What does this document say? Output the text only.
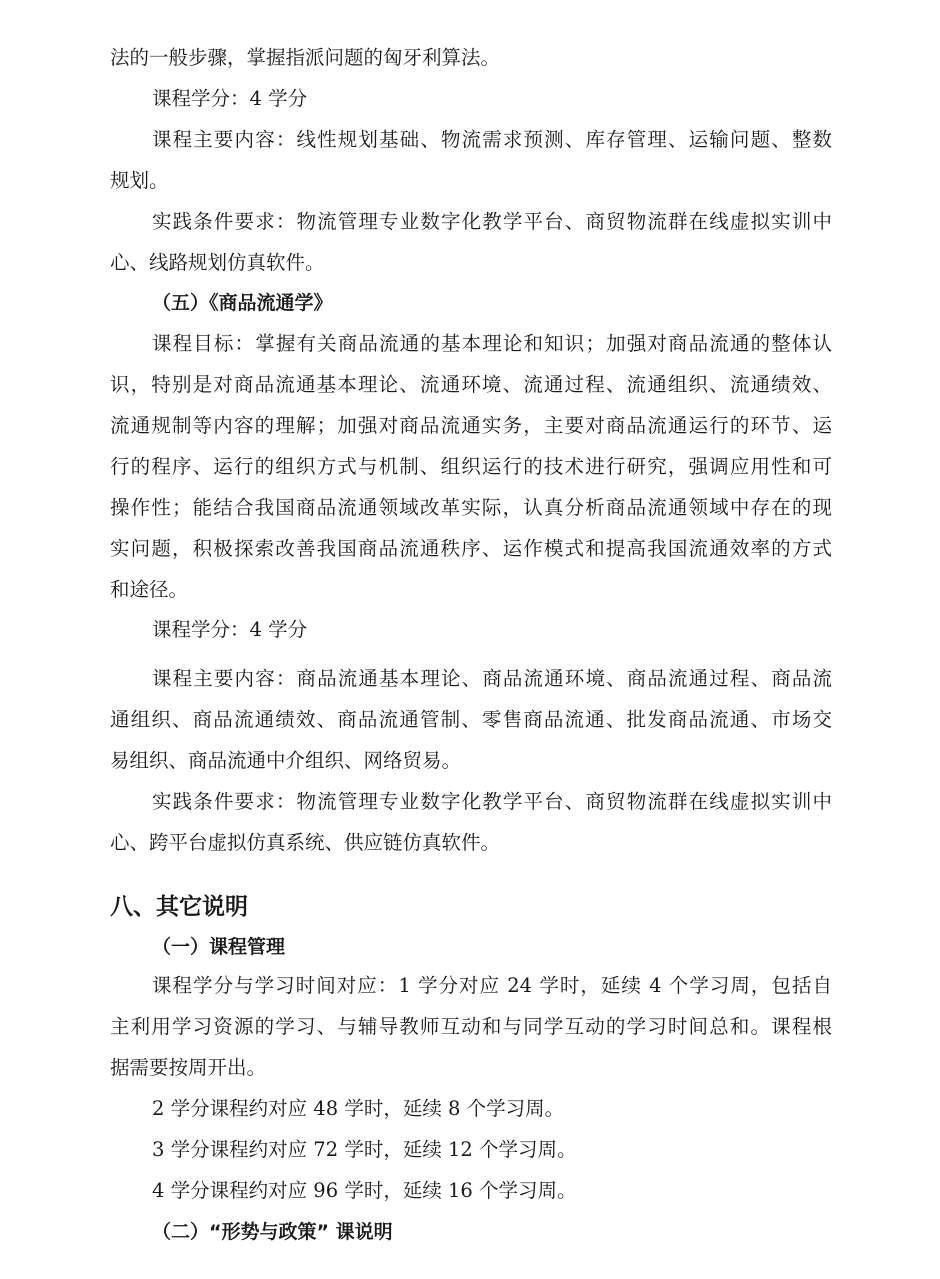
法的一般步骤，掌握指派问题的匈牙利算法。
课程学分：4 学分
课程主要内容：线性规划基础、物流需求预测、库存管理、运输问题、整数
规划。
实践条件要求：物流管理专业数字化教学平台、商贸物流群在线虚拟实训中
心、线路规划仿真软件。
（五）《商品流通学》
课程目标：掌握有关商品流通的基本理论和知识；加强对商品流通的整体认
识，特别是对商品流通基本理论、流通环境、流通过程、流通组织、流通绩效、
流通规制等内容的理解；加强对商品流通实务，主要对商品流通运行的环节、运
行的程序、运行的组织方式与机制、组织运行的技术进行研究，强调应用性和可
操作性；能结合我国商品流通领域改革实际，认真分析商品流通领域中存在的现
实问题，积极探索改善我国商品流通秩序、运作模式和提高我国流通效率的方式
和途径。
课程学分：4 学分
课程主要内容：商品流通基本理论、商品流通环境、商品流通过程、商品流
通组织、商品流通绩效、商品流通管制、零售商品流通、批发商品流通、市场交
易组织、商品流通中介组织、网络贸易。
实践条件要求：物流管理专业数字化教学平台、商贸物流群在线虚拟实训中
心、跨平台虚拟仿真系统、供应链仿真软件。
八、其它说明
（一）课程管理
课程学分与学习时间对应：1 学分对应 24 学时，延续 4 个学习周，包括自
主利用学习资源的学习、与辅导教师互动和与同学互动的学习时间总和。课程根
据需要按周开出。
2 学分课程约对应 48 学时，延续 8 个学习周。
3 学分课程约对应 72 学时，延续 12 个学习周。
4 学分课程约对应 96 学时，延续 16 个学习周。
（二）“形势与政策” 课说明
